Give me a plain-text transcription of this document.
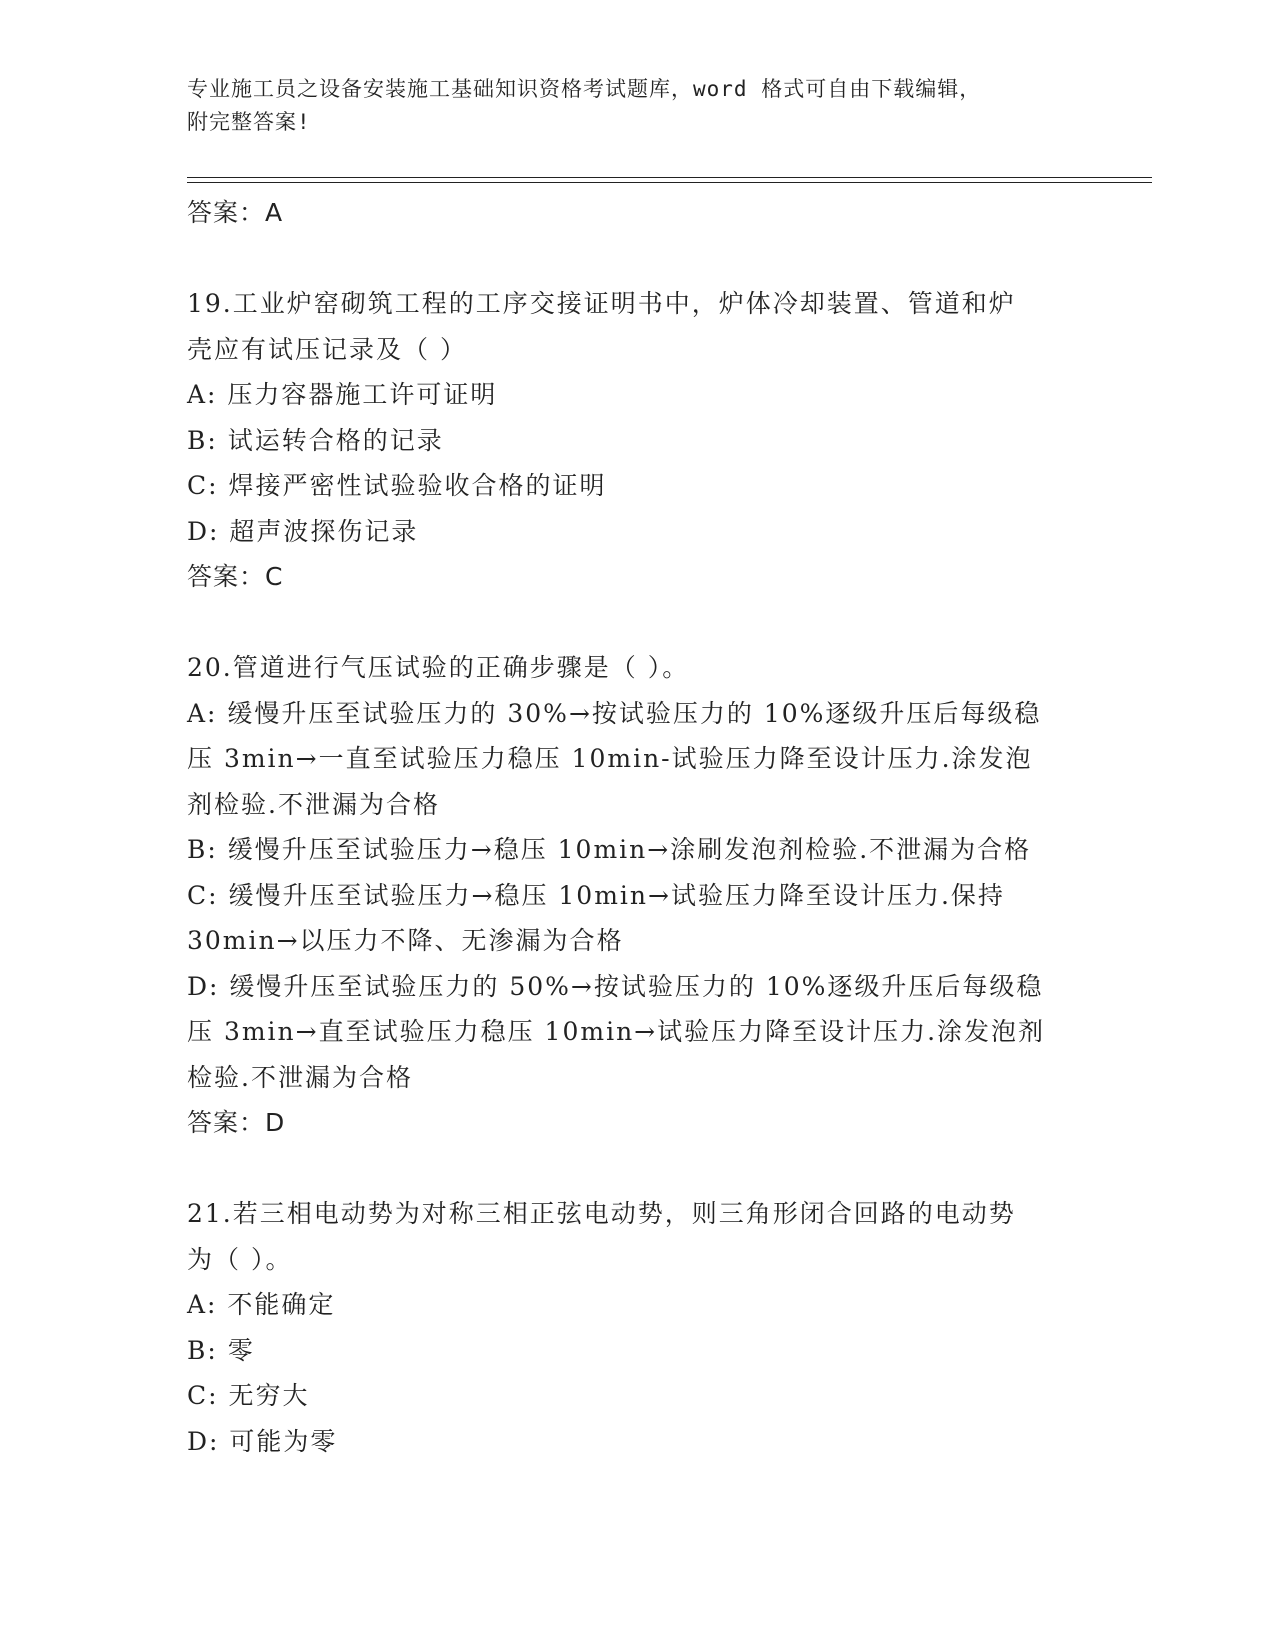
专业施工员之设备安装施工基础知识资格考试题库，word 格式可自由下载编辑，
附完整答案!
答案：A
19.工业炉窑砌筑工程的工序交接证明书中，炉体冷却装置、管道和炉
壳应有试压记录及（ ）
A: 压力容器施工许可证明
B: 试运转合格的记录
C: 焊接严密性试验验收合格的证明
D: 超声波探伤记录
答案：C
20.管道进行气压试验的正确步骤是（ ）。
A: 缓慢升压至试验压力的 30%→按试验压力的 10%逐级升压后每级稳
压 3min→一直至试验压力稳压 10min-试验压力降至设计压力.涂发泡
剂检验.不泄漏为合格
B: 缓慢升压至试验压力→稳压 10min→涂刷发泡剂检验.不泄漏为合格
C: 缓慢升压至试验压力→稳压 10min→试验压力降至设计压力.保持
30min→以压力不降、无渗漏为合格
D: 缓慢升压至试验压力的 50%→按试验压力的 10%逐级升压后每级稳
压 3min→直至试验压力稳压 10min→试验压力降至设计压力.涂发泡剂
检验.不泄漏为合格
答案：D
21.若三相电动势为对称三相正弦电动势，则三角形闭合回路的电动势
为（ ）。
A: 不能确定
B: 零
C: 无穷大
D: 可能为零
